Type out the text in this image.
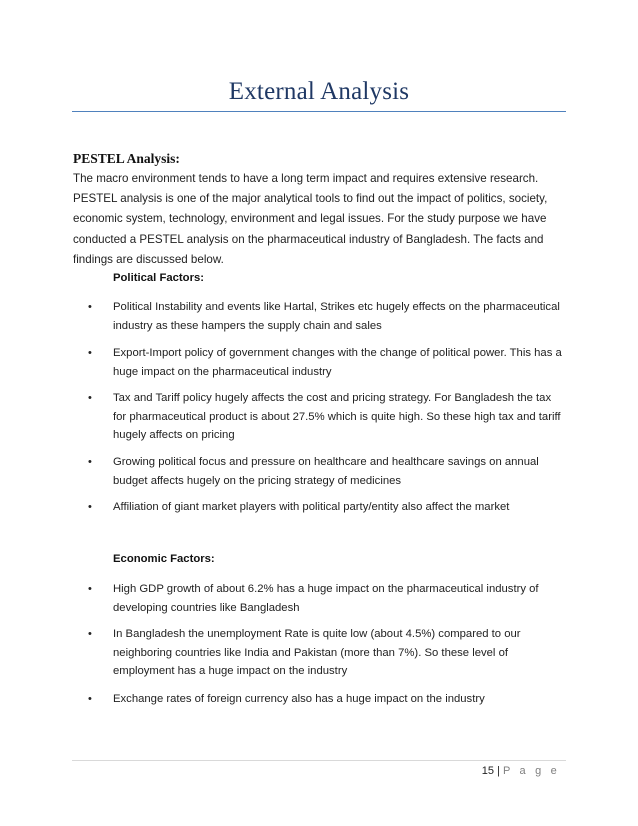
External Analysis
PESTEL Analysis:

The macro environment tends to have a long term impact and requires extensive research. PESTEL analysis is one of the major analytical tools to find out the impact of politics, society, economic system, technology, environment and legal issues. For the study purpose we have conducted a PESTEL analysis on the pharmaceutical industry of Bangladesh. The facts and findings are discussed below.

Political Factors:
•	Political Instability and events like Hartal, Strikes etc hugely effects on the pharmaceutical industry as these hampers the supply chain and sales
•	Export-Import policy of government changes with the change of political power. This has a huge impact on the pharmaceutical industry
•	Tax and Tariff policy hugely affects the cost and pricing strategy. For Bangladesh the tax for pharmaceutical product is about 27.5% which is quite high. So these high tax and tariff hugely affects on pricing
•	Growing political focus and pressure on healthcare and healthcare savings on annual budget affects hugely on the pricing strategy of medicines
•	Affiliation of giant market players with political party/entity also affect the market
Economic Factors:
•	High GDP growth of about 6.2% has a huge impact on the pharmaceutical industry of developing countries like Bangladesh
•	In Bangladesh the unemployment Rate is quite low (about 4.5%) compared to our neighboring countries like India and Pakistan (more than 7%). So these level of employment has a huge impact on the industry
•	Exchange rates of foreign currency also has a huge impact on the industry
15 | P a g e
